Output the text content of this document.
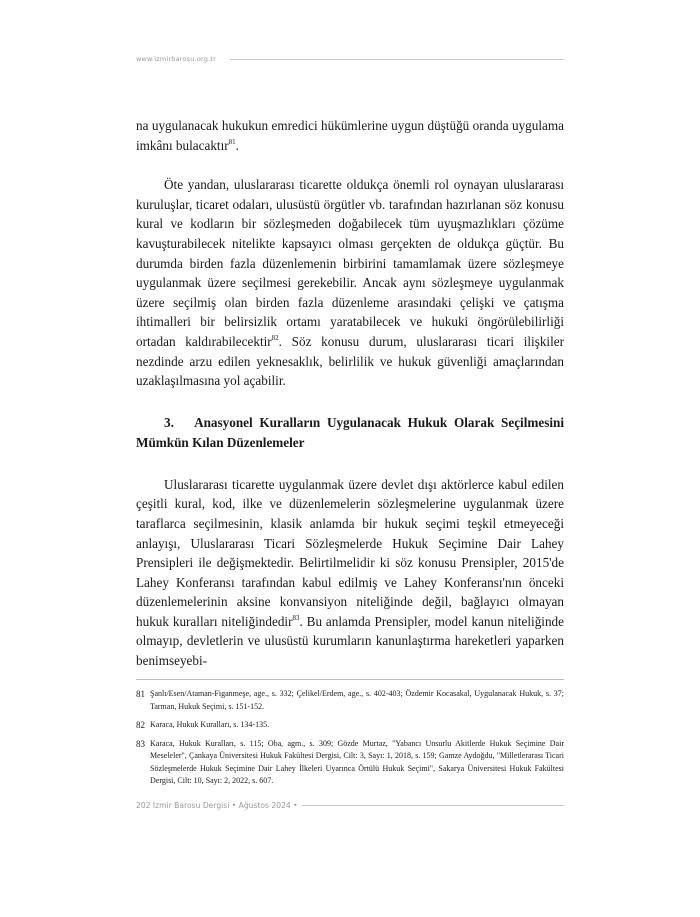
www.izmirbarosu.org.tr

na uygulanacak hukukun emredici hükümlerine uygun düştüğü oranda uygulama imkânı bulacaktır$^{81}$.

Öte yandan, uluslararası ticarette oldukça önemli rol oynayan uluslararası kuruluşlar, ticaret odaları, ulusüstü örgütler vb. tarafından hazırlanan söz konusu kural ve kodların bir sözleşmeden doğabilecek tüm uyuşmazlıkları çözüme kavuşturabilecek nitelikte kapsayıcı olması gerçekten de oldukça güçtür. Bu durumda birden fazla düzenlemenin birbirini tamamlamak üzere sözleşmeye uygulanmak üzere seçilmesi gerekebilir. Ancak aynı sözleşmeye uygulanmak üzere seçilmiş olan birden fazla düzenleme arasındaki çelişki ve çatışma ihtimalleri bir belirsizlik ortamı yaratabilecek ve hukuki öngörülebilirliği ortadan kaldırabilecektir$^{82}$. Söz konusu durum, uluslararası ticari ilişkiler nezdinde arzu edilen yeknesaklık, belirlilik ve hukuk güvenliği amaçlarından uzaklaşılmasına yol açabilir.

3. Anasyonel Kuralların Uygulanacak Hukuk Olarak Seçilmesini Mümkün Kılan Düzenlemeler

Uluslararası ticarette uygulanmak üzere devlet dışı aktörlerce kabul edilen çeşitli kural, kod, ilke ve düzenlemelerin sözleşmelerine uygulanmak üzere taraflarca seçilmesinin, klasik anlamda bir hukuk seçimi teşkil etmeyeceği anlayışı, Uluslararası Ticari Sözleşmelerde Hukuk Seçimine Dair Lahey Prensipleri ile değişmektedir. Belirtilmelidir ki söz konusu Prensipler, 2015'de Lahey Konferansı tarafından kabul edilmiş ve Lahey Konferansı'nın önceki düzenlemelerinin aksine konvansiyon niteliğinde değil, bağlayıcı olmayan hukuk kuralları niteliğindedir$^{83}$. Bu anlamda Prensipler, model kanun niteliğinde olmayıp, devletlerin ve ulusüstü kurumların kanunlaştırma hareketleri yaparken benimseyebi-

81 Şanlı/Esen/Ataman-Figanmeşe, age., s. 332; Çelikel/Erdem, age., s. 402-403; Özdemir Kocasakal, Uygulanacak Hukuk, s. 37; Tarman, Hukuk Seçimi, s. 151-152.
82 Karaca, Hukuk Kuralları, s. 134-135.
83 Karaca, Hukuk Kuralları, s. 115; Oba, agm., s. 309; Gözde Murtaz, "Yabancı Unsurlu Akitlerde Hukuk Seçimine Dair Meseleler", Çankaya Üniversitesi Hukuk Fakültesi Dergisi, Cilt: 3, Sayı: 1, 2018, s. 159; Gamze Aydoğdu, "Milletlerarası Ticari Sözleşmelerde Hukuk Seçimine Dair Lahey İlkeleri Uyarınca Örtülü Hukuk Seçimi", Sakarya Üniversitesi Hukuk Fakültesi Dergisi, Cilt: 10, Sayı: 2, 2022, s. 607.
202 İzmir Barosu Dergisi • Ağustos 2024 •
